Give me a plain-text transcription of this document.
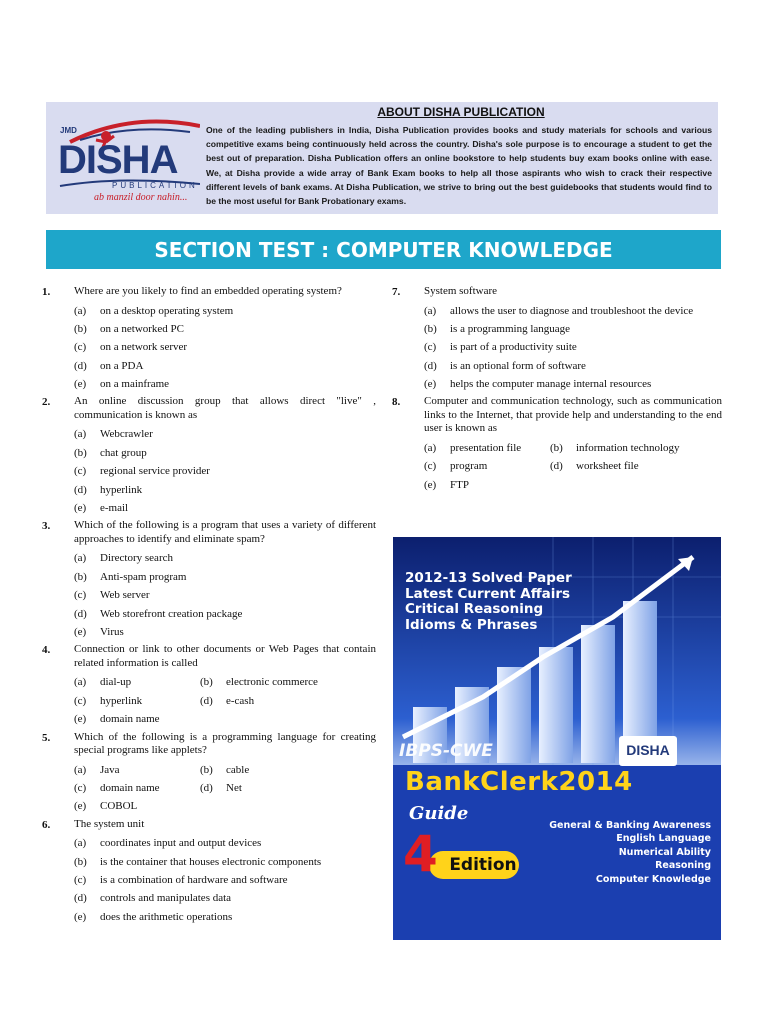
JMD
DISHA
PUBLICATION
ab manzil door nahin...
ABOUT DISHA PUBLICATION
One of the leading publishers in India, Disha Publication provides books and study materials for schools and various competitive exams being continuously held across the country. Disha's sole purpose is to encourage a student to get the best out of preparation. Disha Publication offers an online bookstore to help students buy exam books online with ease. We, at Disha provide a wide array of Bank Exam books to help all those aspirants who wish to crack their respective different levels of bank exams. At Disha Publication, we strive to bring out the best guidebooks that students would find to be the most useful for Bank Probationary exams.
SECTION TEST : COMPUTER KNOWLEDGE
1. Where are you likely to find an embedded operating system?
(a) on a desktop operating system
(b) on a networked PC
(c) on a network server
(d) on a PDA
(e) on a mainframe
2. An online discussion group that allows direct "live" , communication is known as
(a) Webcrawler
(b) chat group
(c) regional service provider
(d) hyperlink
(e) e-mail
3. Which of the following is a program that uses a variety of different approaches to identify and eliminate spam?
(a) Directory search
(b) Anti-spam program
(c) Web server
(d) Web storefront creation package
(e) Virus
4. Connection or link to other documents or Web Pages that contain related information is called
(a) dial-up	(b) electronic commerce
(c) hyperlink	(d) e-cash
(e) domain name
5. Which of the following is a programming language for creating special programs like applets?
(a) Java	(b) cable
(c) domain name	(d) Net
(e) COBOL
6. The system unit
(a) coordinates input and output devices
(b) is the container that houses electronic components
(c) is a combination of hardware and software
(d) controls and manipulates data
(e) does the arithmetic operations
7. System software
(a) allows the user to diagnose and troubleshoot the device
(b) is a programming language
(c) is part of a productivity suite
(d) is an optional form of software
(e) helps the computer manage internal resources
8. Computer and communication technology, such as communication links to the Internet, that provide help and understanding to the end user is known as
(a) presentation file	(b) information technology
(c) program	(d) worksheet file
(e) FTP
2012-13 Solved Paper
Latest Current Affairs
Critical Reasoning
Idioms & Phrases
IBPS-CWE	DISHA
BankClerk2014
Guide
Edition
4	General & Banking Awareness
English Language
Numerical Ability
Reasoning
Computer Knowledge
